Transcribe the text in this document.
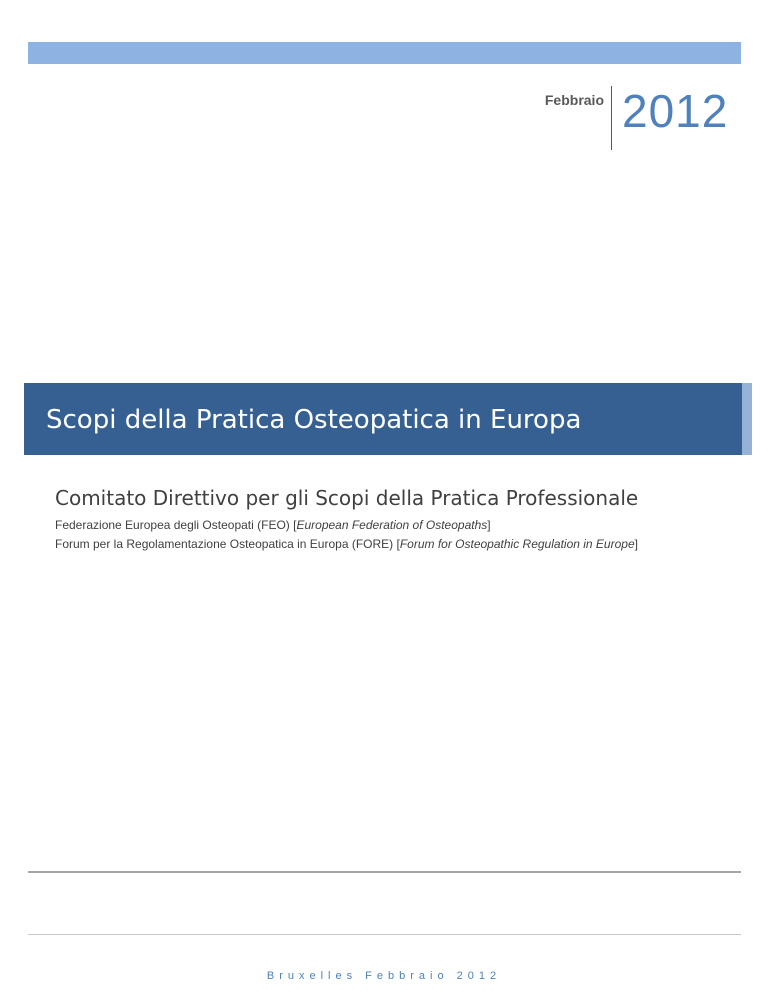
Febbraio 2012
Scopi della Pratica Osteopatica in Europa
Comitato Direttivo per gli Scopi della Pratica Professionale
Federazione Europea degli Osteopati (FEO) [European Federation of Osteopaths]
Forum per la Regolamentazione Osteopatica in Europa (FORE) [Forum for Osteopathic Regulation in Europe]
Bruxelles Febbraio 2012
